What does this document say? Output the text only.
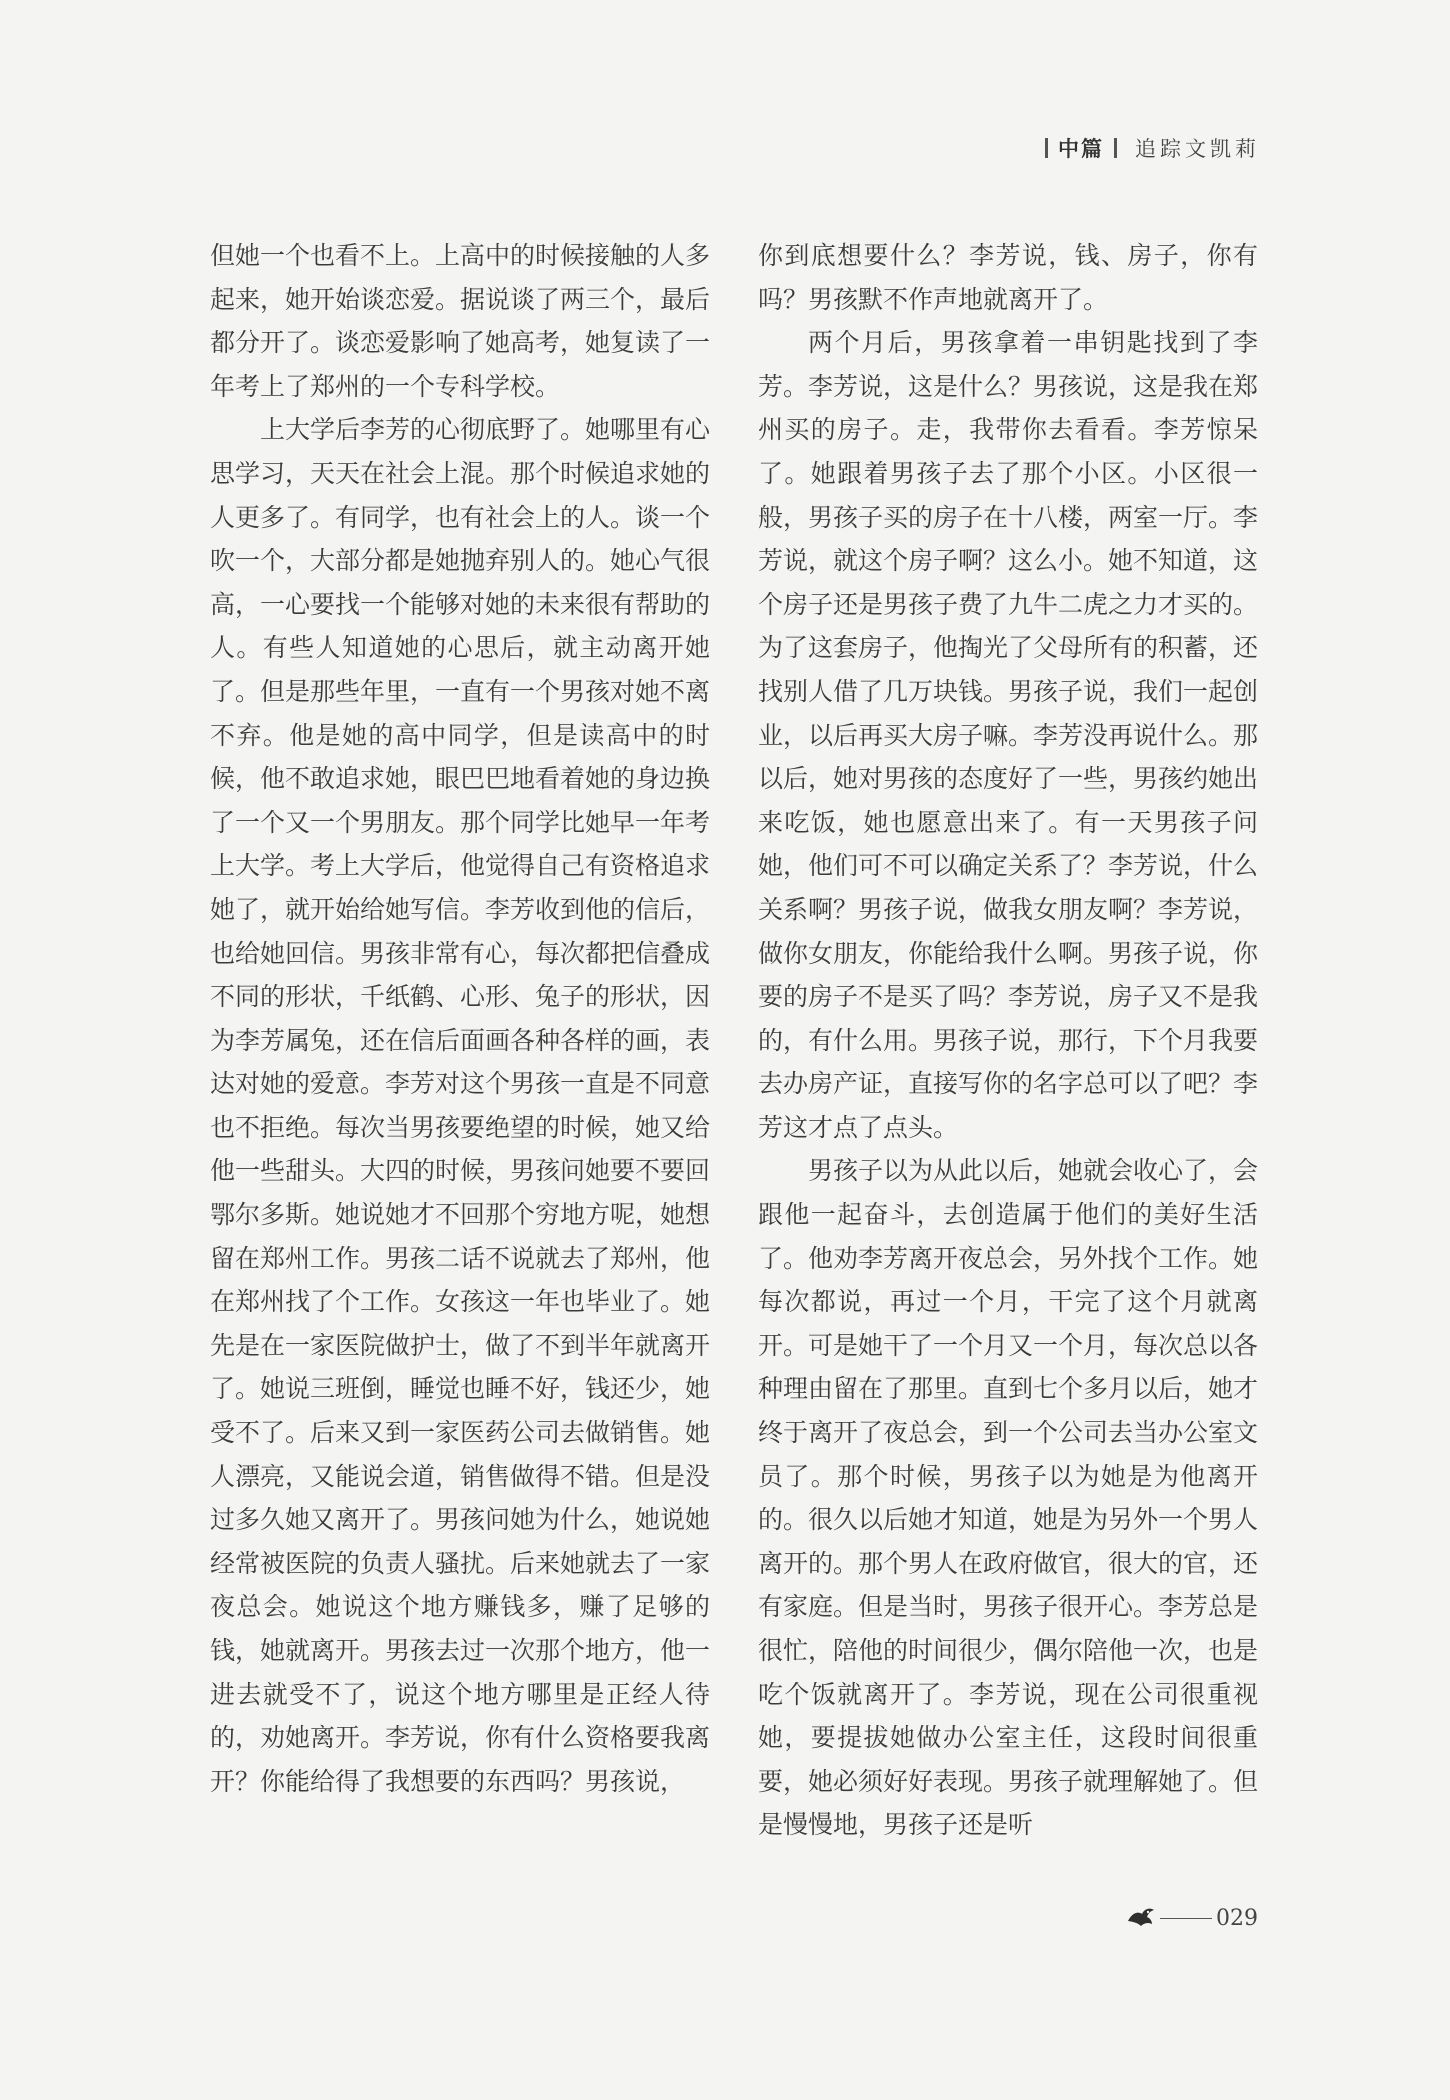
中篇 追踪文凯莉

但她一个也看不上。上高中的时候接触的人多起来，她开始谈恋爱。据说谈了两三个，最后都分开了。谈恋爱影响了她高考，她复读了一年考上了郑州的一个专科学校。

上大学后李芳的心彻底野了。她哪里有心思学习，天天在社会上混。那个时候追求她的人更多了。有同学，也有社会上的人。谈一个吹一个，大部分都是她抛弃别人的。她心气很高，一心要找一个能够对她的未来很有帮助的人。有些人知道她的心思后，就主动离开她了。但是那些年里，一直有一个男孩对她不离不弃。他是她的高中同学，但是读高中的时候，他不敢追求她，眼巴巴地看着她的身边换了一个又一个男朋友。那个同学比她早一年考上大学。考上大学后，他觉得自己有资格追求她了，就开始给她写信。李芳收到他的信后，也给她回信。男孩非常有心，每次都把信叠成不同的形状，千纸鹤、心形、兔子的形状，因为李芳属兔，还在信后面画各种各样的画，表达对她的爱意。李芳对这个男孩一直是不同意也不拒绝。每次当男孩要绝望的时候，她又给他一些甜头。大四的时候，男孩问她要不要回鄂尔多斯。她说她才不回那个穷地方呢，她想留在郑州工作。男孩二话不说就去了郑州，他在郑州找了个工作。女孩这一年也毕业了。她先是在一家医院做护士，做了不到半年就离开了。她说三班倒，睡觉也睡不好，钱还少，她受不了。后来又到一家医药公司去做销售。她人漂亮，又能说会道，销售做得不错。但是没过多久她又离开了。男孩问她为什么，她说她经常被医院的负责人骚扰。后来她就去了一家夜总会。她说这个地方赚钱多，赚了足够的钱，她就离开。男孩去过一次那个地方，他一进去就受不了，说这个地方哪里是正经人待的，劝她离开。李芳说，你有什么资格要我离开？你能给得了我想要的东西吗？男孩说，

你到底想要什么？李芳说，钱、房子，你有吗？男孩默不作声地就离开了。

两个月后，男孩拿着一串钥匙找到了李芳。李芳说，这是什么？男孩说，这是我在郑州买的房子。走，我带你去看看。李芳惊呆了。她跟着男孩子去了那个小区。小区很一般，男孩子买的房子在十八楼，两室一厅。李芳说，就这个房子啊？这么小。她不知道，这个房子还是男孩子费了九牛二虎之力才买的。为了这套房子，他掏光了父母所有的积蓄，还找别人借了几万块钱。男孩子说，我们一起创业，以后再买大房子嘛。李芳没再说什么。那以后，她对男孩的态度好了一些，男孩约她出来吃饭，她也愿意出来了。有一天男孩子问她，他们可不可以确定关系了？李芳说，什么关系啊？男孩子说，做我女朋友啊？李芳说，做你女朋友，你能给我什么啊。男孩子说，你要的房子不是买了吗？李芳说，房子又不是我的，有什么用。男孩子说，那行，下个月我要去办房产证，直接写你的名字总可以了吧？李芳这才点了点头。

男孩子以为从此以后，她就会收心了，会跟他一起奋斗，去创造属于他们的美好生活了。他劝李芳离开夜总会，另外找个工作。她每次都说，再过一个月，干完了这个月就离开。可是她干了一个月又一个月，每次总以各种理由留在了那里。直到七个多月以后，她才终于离开了夜总会，到一个公司去当办公室文员了。那个时候，男孩子以为她是为他离开的。很久以后她才知道，她是为另外一个男人离开的。那个男人在政府做官，很大的官，还有家庭。但是当时，男孩子很开心。李芳总是很忙，陪他的时间很少，偶尔陪他一次，也是吃个饭就离开了。李芳说，现在公司很重视她，要提拔她做办公室主任，这段时间很重要，她必须好好表现。男孩子就理解她了。但是慢慢地，男孩子还是听

029
